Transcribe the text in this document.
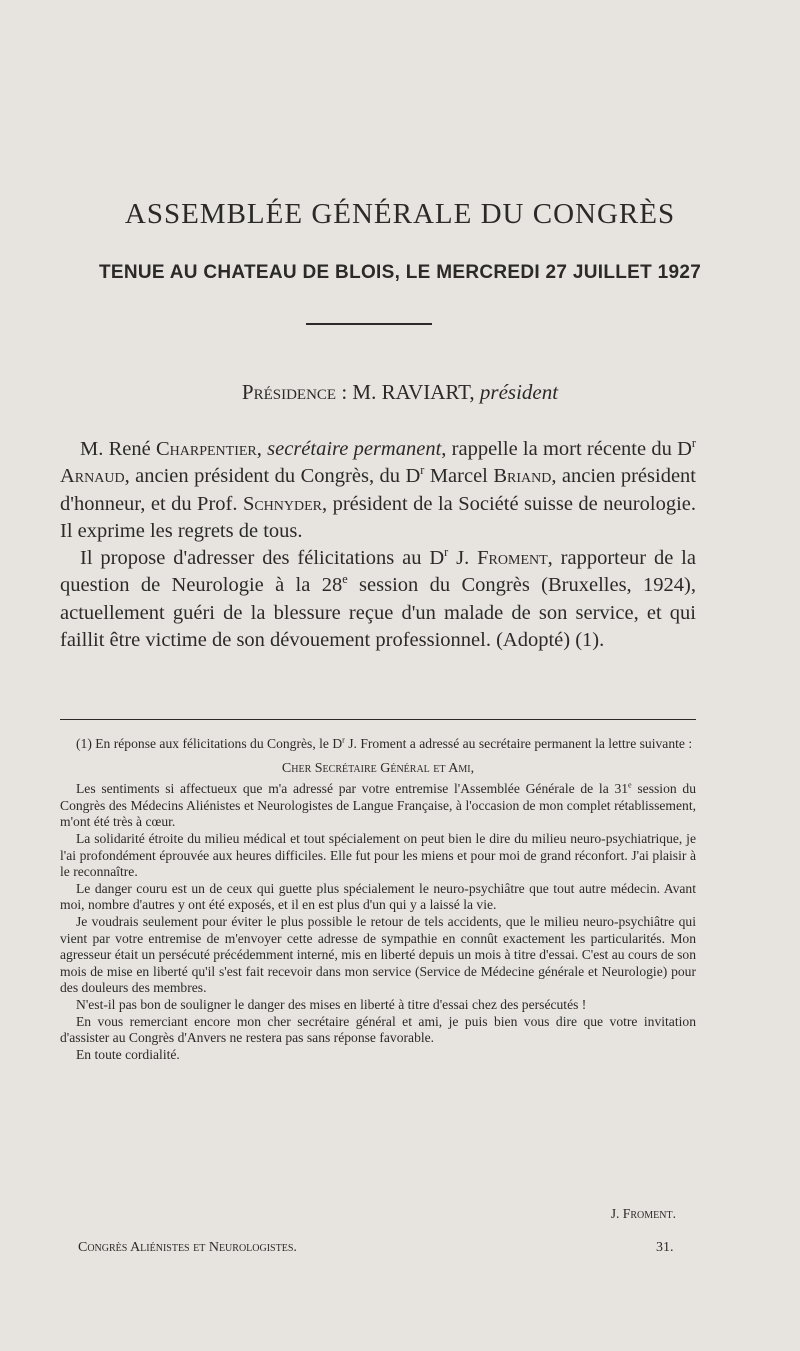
ASSEMBLÉE GÉNÉRALE DU CONGRÈS
TENUE AU CHATEAU DE BLOIS, LE MERCREDI 27 JUILLET 1927

Présidence : M. RAVIART, président

M. René Charpentier, secrétaire permanent, rappelle la mort récente du $D^r$ Arnaud, ancien président du Congrès, du $D^r$ Marcel Briand, ancien président d'honneur, et du Prof. Schnyder, président de la Société suisse de neurologie. Il exprime les regrets de tous.

Il propose d'adresser des félicitations au $D^r$ J. Froment, rapporteur de la question de Neurologie à la 28e session du Congrès (Bruxelles, 1924), actuellement guéri de la blessure reçue d'un malade de son service, et qui faillit être victime de son dévouement professionnel. (Adopté) (1).

(1) En réponse aux félicitations du Congrès, le $D^r$ J. Froment a adressé au secrétaire permanent la lettre suivante :

Cher Secrétaire Général et Ami,

Les sentiments si affectueux que m'a adressé par votre entremise l'Assemblée Générale de la 31e session du Congrès des Médecins Aliénistes et Neurologistes de Langue Française, à l'occasion de mon complet rétablissement, m'ont été très à cœur.

La solidarité étroite du milieu médical et tout spécialement on peut bien le dire du milieu neuro-psychiatrique, je l'ai profondément éprouvée aux heures difficiles. Elle fut pour les miens et pour moi de grand réconfort. J'ai plaisir à le reconnaître.

Le danger couru est un de ceux qui guette plus spécialement le neuro-psychiâtre que tout autre médecin. Avant moi, nombre d'autres y ont été exposés, et il en est plus d'un qui y a laissé la vie.

Je voudrais seulement pour éviter le plus possible le retour de tels accidents, que le milieu neuro-psychiâtre qui vient par votre entremise de m'envoyer cette adresse de sympathie en connût exactement les particularités. Mon agresseur était un persécuté précédemment interné, mis en liberté depuis un mois à titre d'essai. C'est au cours de son mois de mise en liberté qu'il s'est fait recevoir dans mon service (Service de Médecine générale et Neurologie) pour des douleurs des membres.

N'est-il pas bon de souligner le danger des mises en liberté à titre d'essai chez des persécutés !

En vous remerciant encore mon cher secrétaire général et ami, je puis bien vous dire que votre invitation d'assister au Congrès d'Anvers ne restera pas sans réponse favorable.

En toute cordialité.

J. Froment.

Congrès Aliénistes et Neurologistes.	31.
